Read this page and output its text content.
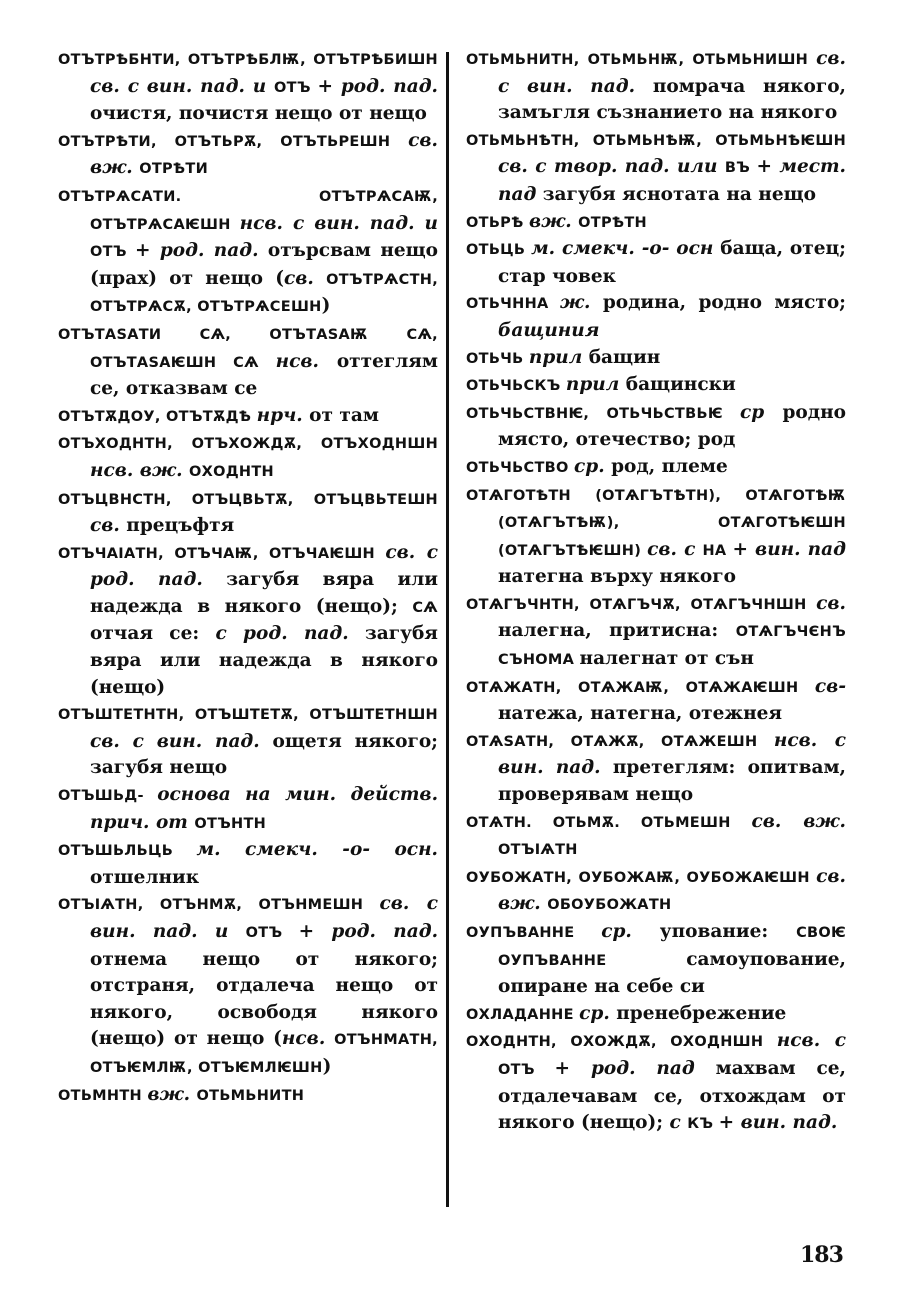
ОТЪТРѢБНТИ, ОТЪТРѢБЛѬ, ОТЪТРѢБИШН св. с вин. пад. и ОТЪ + род. пад. очистя, почистя нещо от нещо

ОТЪТРѢТИ, ОТЪТЬРѪ, ОТЪТЬРЕШН св. вж. ОТРѢТИ

ОТЪТРѦСАТИ. ОТЪТРѦСАѬ, ОТЪТРѦСАѤШН нсв. с вин. пад. и ОТЪ + род. пад. отърсвам нещо (прах) от нещо (св. ОТЪТРѦСТН, ОТЪТРѦСѪ, ОТЪТРѦСЕШН)

ОТЪТАЅАТИ СѦ, ОТЪТАЅАѬ СѦ, ОТЪТАЅАѤШН СѦ нсв. оттеглям се, отказвам се

ОТЪТѪДОУ, ОТЪТѪДѢ нрч. от там

ОТЪХОДНТН, ОТЪХОЖДѪ, ОТЪХОДНШН нсв. вж. ОХОДНТН

ОТЪЦВНСТН, ОТЪЦВЬТѪ, ОТЪЦВЬТЕШН св. прецъфтя

ОТЪЧАIАТН, ОТЪЧАѬ, ОТЪЧАѤШН св. с род. пад. загубя вяра или надежда в някого (нещо); СѦ отчая се: с род. пад. загубя вяра или надежда в някого (нещо)

ОТЪШТЕТНТН, ОТЪШТЕТѪ, ОТЪШТЕТНШН св. с вин. пад. ощетя някого; загубя нещо

ОТЪШЬД- основа на мин. действ. прич. от ОТЪНТН

ОТЪШЬЛЬЦЬ м. смекч. -о- осн. отшелник

ОТЪIѦТН, ОТЪНМѪ, ОТЪНМЕШН св. с вин. пад. и ОТЪ + род. пад. отнема нещо от някого; отстраня, отдалеча нещо от някого, освободя някого (нещо) от нещо (нсв. ОТЪНМАТН, ОТЪѤМЛѬ, ОТЪѤМЛѤШН)

ОТЬМНТН вж. ОТЬМЬНИТН

ОТЬМЬНИТН, ОТЬМЬНѬ, ОТЬМЬНИШН св. с вин. пад. помрача някого, замъгля съзнанието на някого

ОТЬМЬНѢТН, ОТЬМЬНѢѬ, ОТЬМЬНѢѤШН св. с твор. пад. или ВЪ + мест. пад загубя яснотата на нещо

ОТЬРѢ вж. ОТРѢТН

ОТЬЦЬ м. смекч. -о- осн баща, отец; стар човек

ОТЬЧННА ж. родина, родно място; бащиния

ОТЬЧЬ прил бащин

ОТЬЧЬСКЪ прил бащински

ОТЬЧЬСТВНѤ, ОТЬЧЬСТВЬѤ ср родно място, отечество; род

ОТЬЧЬСТВО ср. род, племе

ОТѦГОТѢТН (ОТѦГЪТѢТН), ОТѦГОТѢѬ (ОТѦГЪТѢѬ), ОТѦГОТѢѤШН (ОТѦГЪТѢѤШН) св. с НА + вин. пад натегна върху някого

ОТѦГЪЧНТН, ОТѦГЪЧѪ, ОТѦГЪЧНШН св. налегна, притисна: ОТѦГЪЧЄНЪ СЪНОМА налегнат от сън

ОТѦЖАТН, ОТѦЖАѬ, ОТѦЖАѤШН св- натежа, натегна, отежнея

ОТѦЅАТН, ОТѦЖѪ, ОТѦЖЕШН нсв. с вин. пад. претеглям: опитвам, проверявам нещо

ОТѦТН. ОТЬМѪ. ОТЬМЕШН св. вж. ОТЪIѦТН

ОУБОЖАТН, ОУБОЖАѬ, ОУБОЖАѤШН св. вж. ОБОУБОЖАТН

ОУПЪВАННЕ ср. упование: СВОѤ ОУПЪВАННЕ самоупование, опиране на себе си

ОХЛАДАННЕ ср. пренебрежение

ОХОДНТН, ОХОЖДѪ, ОХОДНШН нсв. с ОТЪ + род. пад махвам се, отдалечавам се, отхождам от някого (нещо); с КЪ + вин. пад.

183
